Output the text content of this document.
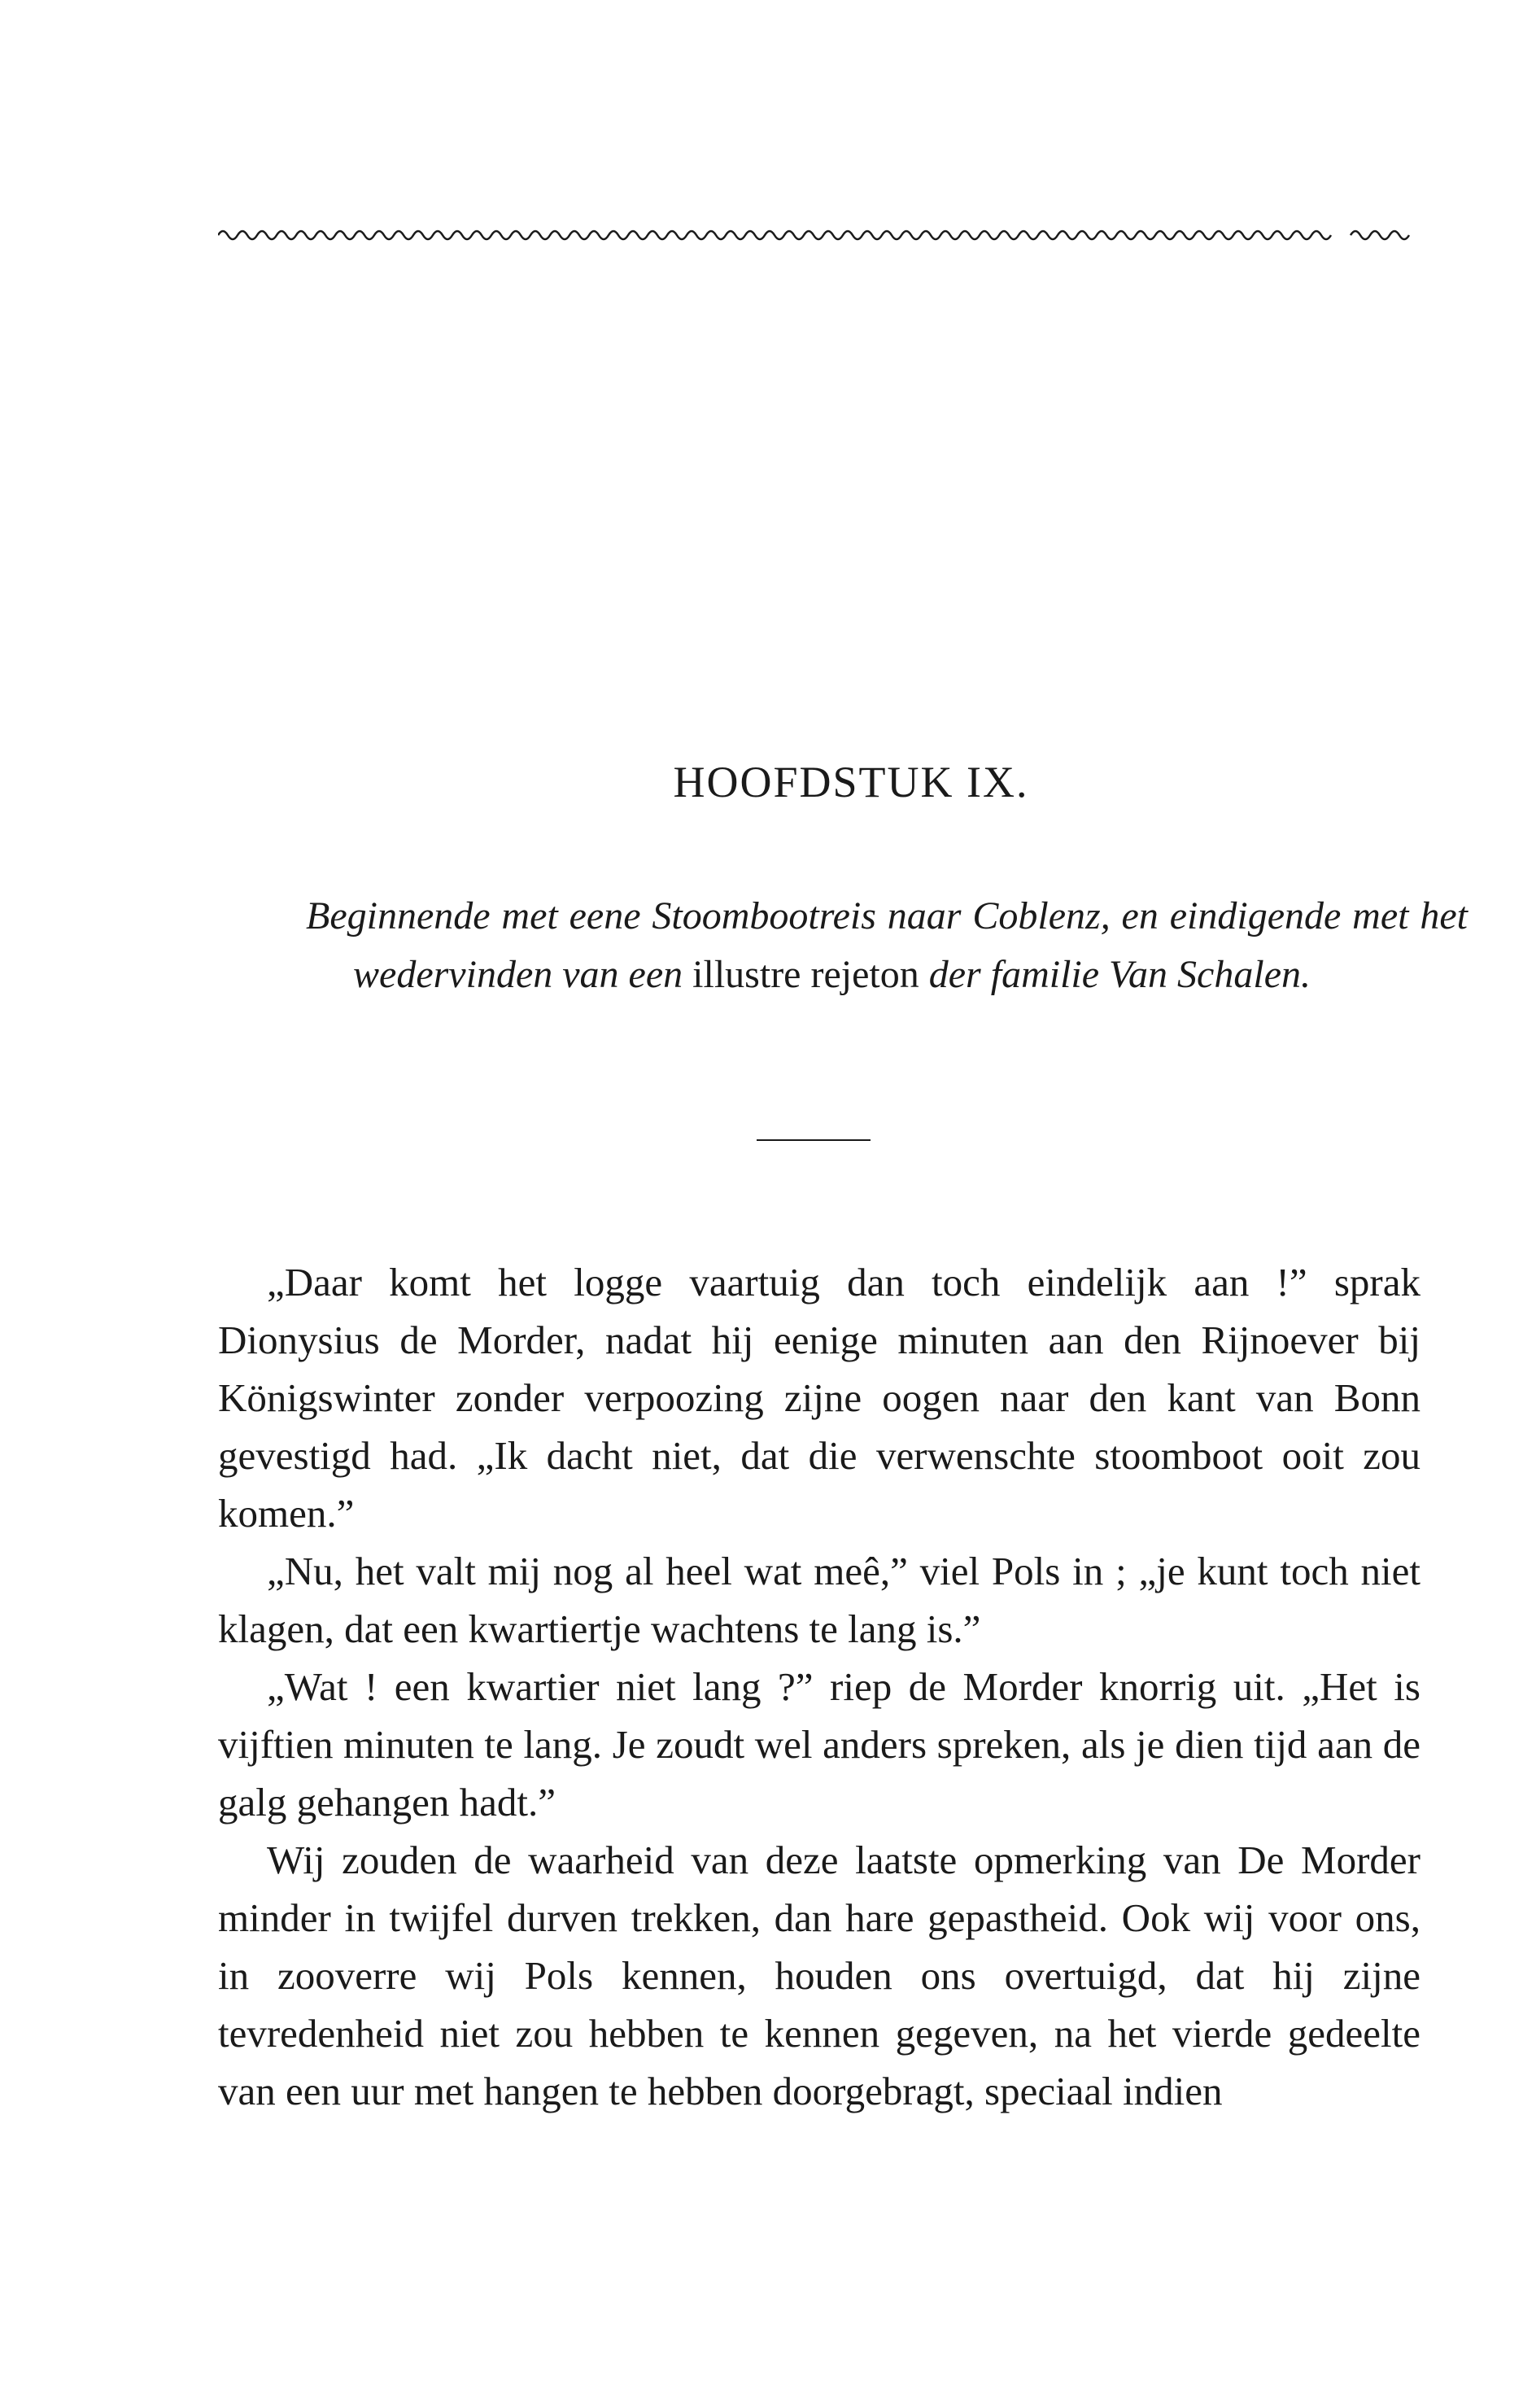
HOOFDSTUK IX.
Beginnende met eene Stoombootreis naar Coblenz, en eindigende met het wedervinden van een illustre rejeton der familie Van Schalen.

„Daar komt het logge vaartuig dan toch eindelijk aan !” sprak Dionysius de Morder, nadat hij eenige minuten aan den Rijnoever bij Königswinter zonder verpoozing zijne oogen naar den kant van Bonn gevestigd had. „Ik dacht niet, dat die verwenschte stoomboot ooit zou komen.”

„Nu, het valt mij nog al heel wat meê,” viel Pols in ; „je kunt toch niet klagen, dat een kwartiertje wachtens te lang is.”

„Wat ! een kwartier niet lang ?” riep de Morder knorrig uit. „Het is vijftien minuten te lang. Je zoudt wel anders spreken, als je dien tijd aan de galg gehangen hadt.”

Wij zouden de waarheid van deze laatste opmerking van De Morder minder in twijfel durven trekken, dan hare gepastheid. Ook wij voor ons, in zooverre wij Pols kennen, houden ons overtuigd, dat hij zijne tevredenheid niet zou hebben te kennen gegeven, na het vierde gedeelte van een uur met hangen te hebben doorgebragt, speciaal indien
